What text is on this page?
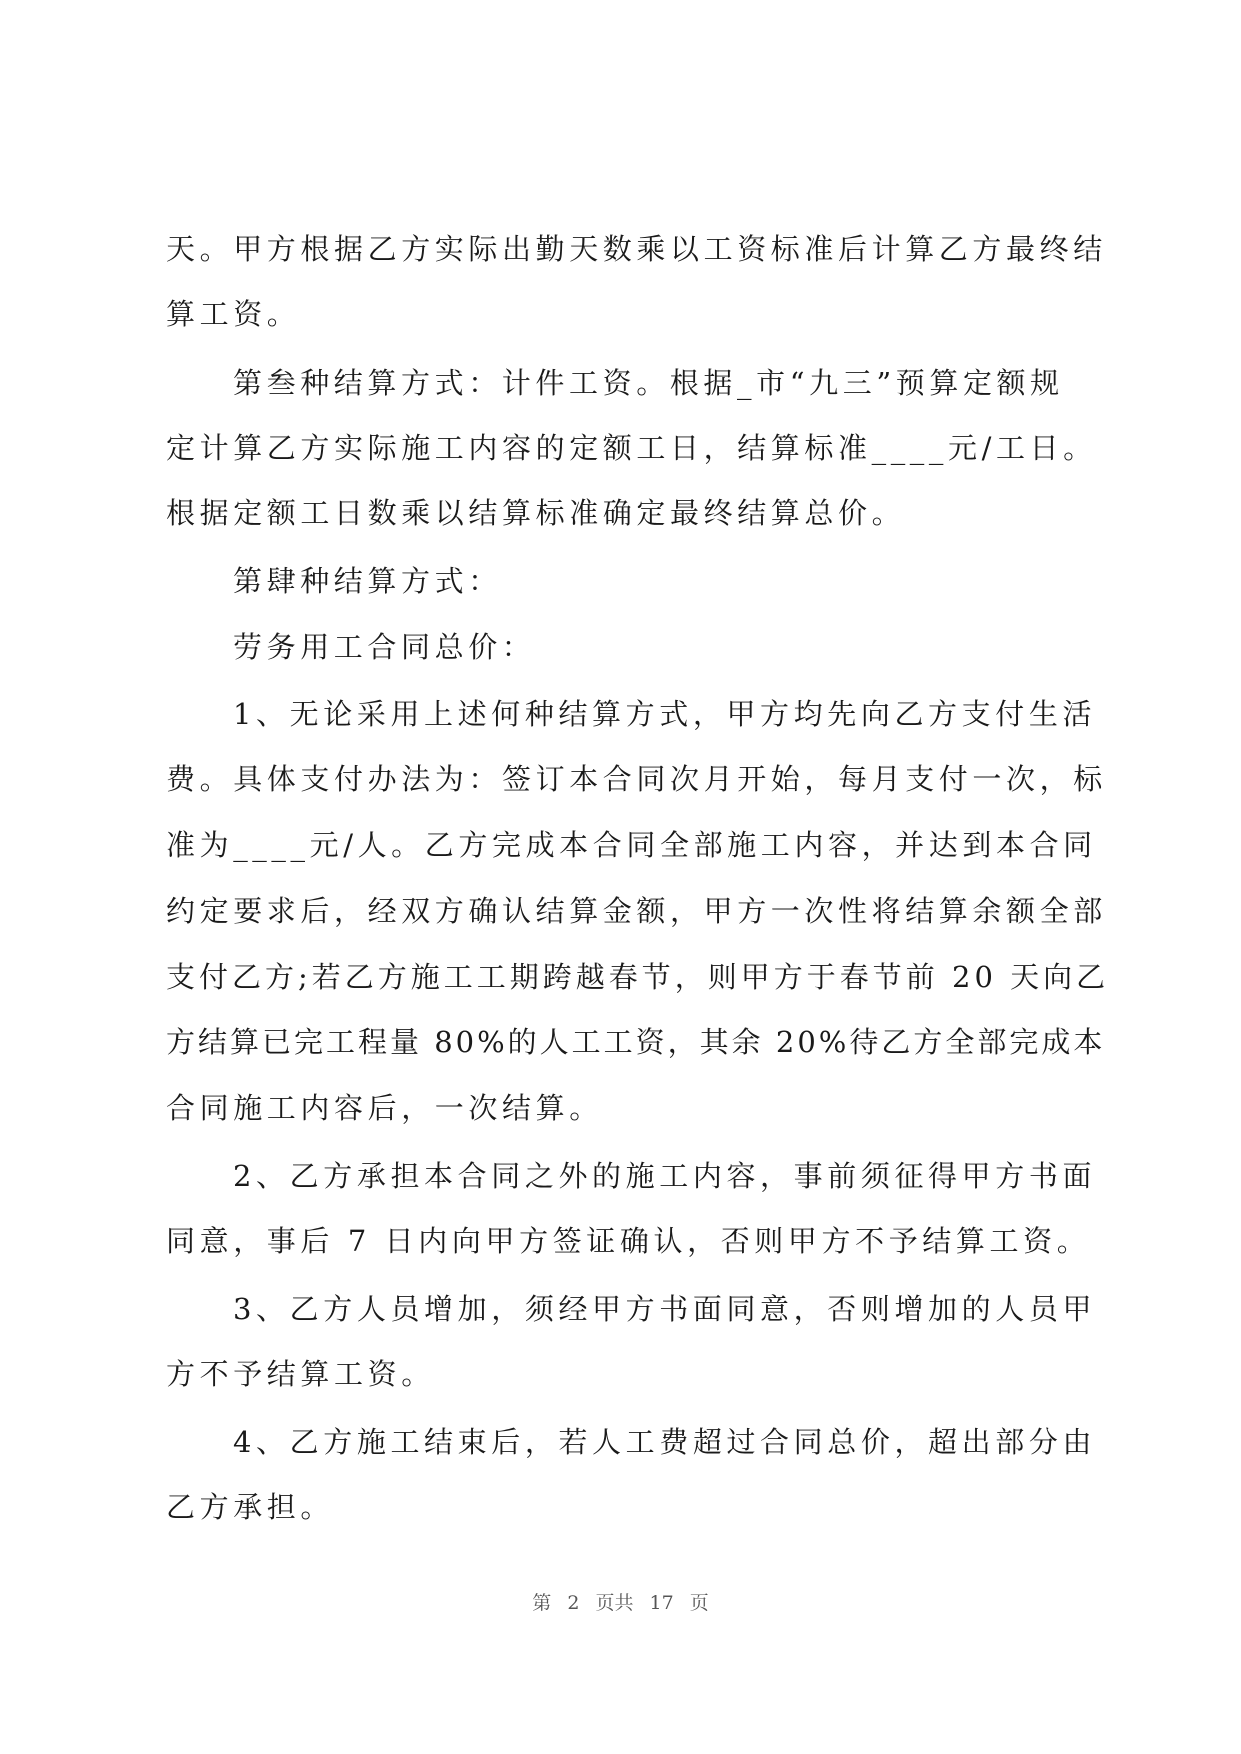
天。甲方根据乙方实际出勤天数乘以工资标准后计算乙方最终结
算工资。
第叁种结算方式：计件工资。根据_市“九三”预算定额规
定计算乙方实际施工内容的定额工日，结算标准____元/工日。
根据定额工日数乘以结算标准确定最终结算总价。
第肆种结算方式：
劳务用工合同总价：
1、无论采用上述何种结算方式，甲方均先向乙方支付生活
费。具体支付办法为：签订本合同次月开始，每月支付一次，标
准为____元/人。乙方完成本合同全部施工内容，并达到本合同
约定要求后，经双方确认结算金额，甲方一次性将结算余额全部
支付乙方;若乙方施工工期跨越春节，则甲方于春节前 20 天向乙
方结算已完工程量 80%的人工工资，其余 20%待乙方全部完成本
合同施工内容后，一次结算。
2、乙方承担本合同之外的施工内容，事前须征得甲方书面
同意，事后 7 日内向甲方签证确认，否则甲方不予结算工资。
3、乙方人员增加，须经甲方书面同意，否则增加的人员甲
方不予结算工资。
4、乙方施工结束后，若人工费超过合同总价，超出部分由
乙方承担。
第 2 页共 17 页
